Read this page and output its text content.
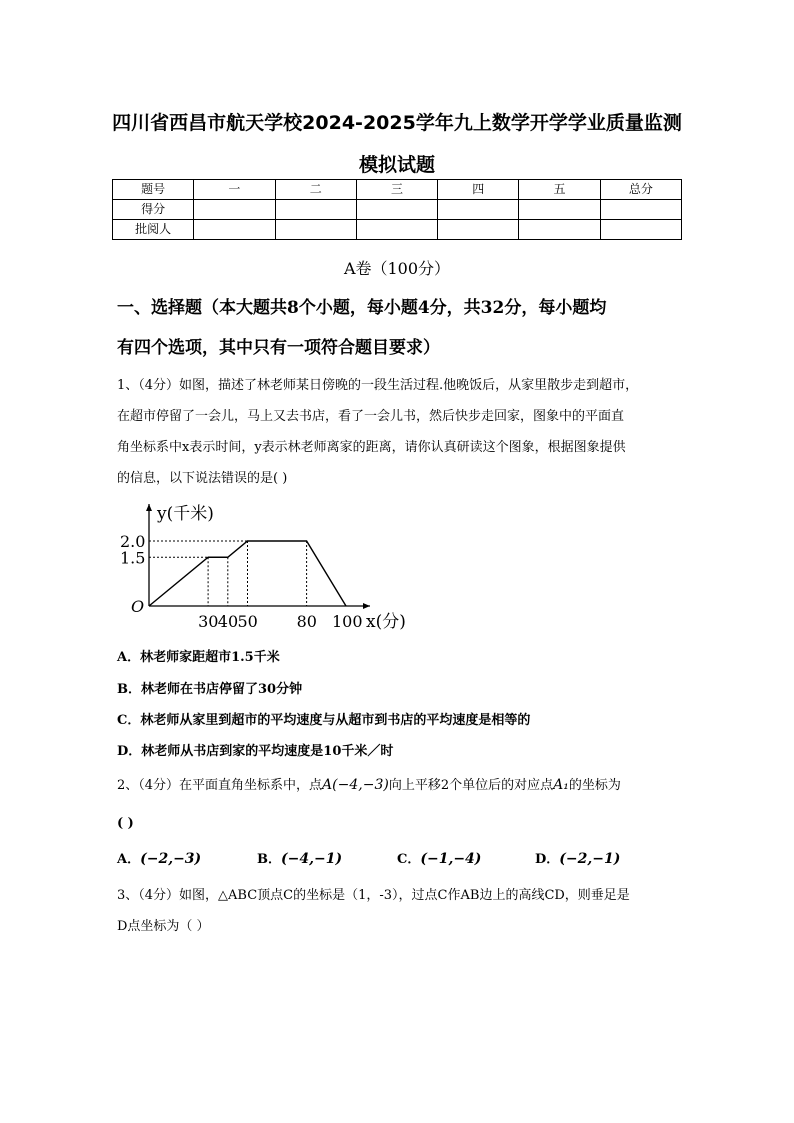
四川省西昌市航天学校2024-2025学年九上数学开学学业质量监测
模拟试题
题号	一	二	三	四	五	总分
得分						
批阅人						
A卷（100分）
一、选择题（本大题共8个小题，每小题4分，共32分，每小题均
有四个选项，其中只有一项符合题目要求）
1、（4分）如图，描述了林老师某日傍晚的一段生活过程.他晚饭后，从家里散步走到超市，
在超市停留了一会儿，马上又去书店，看了一会儿书，然后快步走回家，图象中的平面直
角坐标系中x表示时间，y表示林老师离家的距离，请你认真研读这个图象，根据图象提供
的信息，以下说法错误的是( )
O
2.0
1.5
30 40 50 80 100
y(千米)
x(分)
A．林老师家距超市1.5千米
B．林老师在书店停留了30分钟
C．林老师从家里到超市的平均速度与从超市到书店的平均速度是相等的
D．林老师从书店到家的平均速度是10千米／时
2、（4分）在平面直角坐标系中，点A(−4,−3)向上平移2个单位后的对应点A₁的坐标为
( )
A．(−2,−3)	B．(−4,−1)	C．(−1,−4)	D．(−2,−1)
3、（4分）如图，△ABC顶点C的坐标是（1，-3），过点C作AB边上的高线CD，则垂足是
D点坐标为（ ）
